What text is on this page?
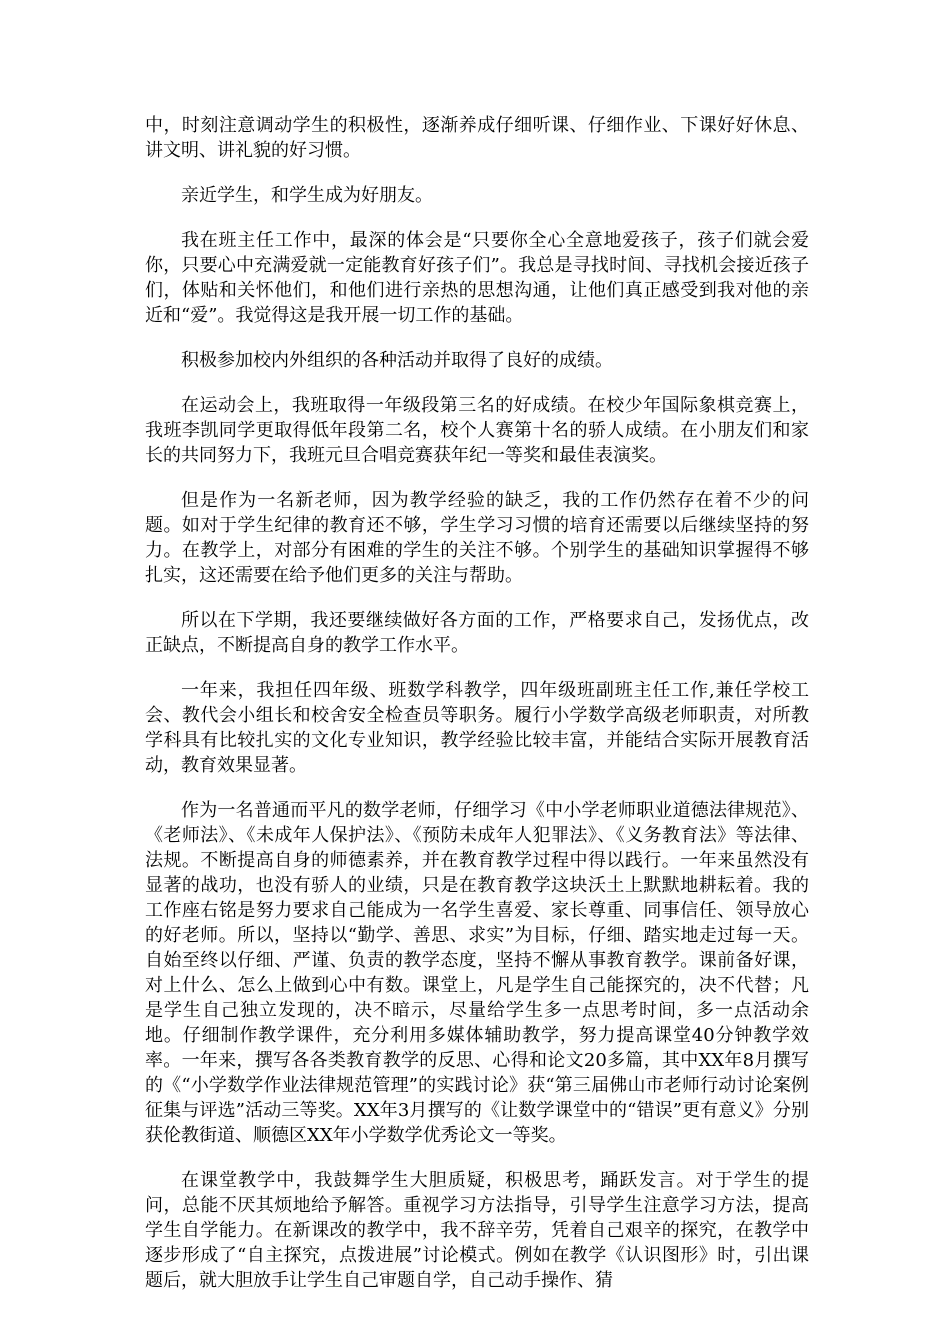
中，时刻注意调动学生的积极性，逐渐养成仔细听课、仔细作业、下课好好休息、讲文明、讲礼貌的好习惯。

亲近学生，和学生成为好朋友。

我在班主任工作中，最深的体会是“只要你全心全意地爱孩子，孩子们就会爱你，只要心中充满爱就一定能教育好孩子们”。我总是寻找时间、寻找机会接近孩子们，体贴和关怀他们，和他们进行亲热的思想沟通，让他们真正感受到我对他的亲近和“爱”。我觉得这是我开展一切工作的基础。

积极参加校内外组织的各种活动并取得了良好的成绩。

在运动会上，我班取得一年级段第三名的好成绩。在校少年国际象棋竞赛上，我班李凯同学更取得低年段第二名，校个人赛第十名的骄人成绩。在小朋友们和家长的共同努力下，我班元旦合唱竞赛获年纪一等奖和最佳表演奖。

但是作为一名新老师，因为教学经验的缺乏，我的工作仍然存在着不少的问题。如对于学生纪律的教育还不够，学生学习习惯的培育还需要以后继续坚持的努力。在教学上，对部分有困难的学生的关注不够。个别学生的基础知识掌握得不够扎实，这还需要在给予他们更多的关注与帮助。

所以在下学期，我还要继续做好各方面的工作，严格要求自己，发扬优点，改正缺点，不断提高自身的教学工作水平。

一年来，我担任四年级、班数学科教学，四年级班副班主任工作,兼任学校工会、教代会小组长和校舍安全检查员等职务。履行小学数学高级老师职责，对所教学科具有比较扎实的文化专业知识，教学经验比较丰富，并能结合实际开展教育活动，教育效果显著。

作为一名普通而平凡的数学老师，仔细学习《中小学老师职业道德法律规范》、《老师法》、《未成年人保护法》、《预防未成年人犯罪法》、《义务教育法》等法律、法规。不断提高自身的师德素养，并在教育教学过程中得以践行。一年来虽然没有显著的战功，也没有骄人的业绩，只是在教育教学这块沃土上默默地耕耘着。我的工作座右铭是努力要求自己能成为一名学生喜爱、家长尊重、同事信任、领导放心的好老师。所以，坚持以“勤学、善思、求实”为目标，仔细、踏实地走过每一天。自始至终以仔细、严谨、负责的教学态度，坚持不懈从事教育教学。课前备好课，对上什么、怎么上做到心中有数。课堂上，凡是学生自己能探究的，决不代替；凡是学生自己独立发现的，决不暗示，尽量给学生多一点思考时间，多一点活动余地。仔细制作教学课件，充分利用多媒体辅助教学，努力提高课堂40分钟教学效率。一年来，撰写各各类教育教学的反思、心得和论文20多篇，其中XX年8月撰写的《“小学数学作业法律规范管理”的实践讨论》获“第三届佛山市老师行动讨论案例征集与评选”活动三等奖。XX年3月撰写的《让数学课堂中的“错误”更有意义》分别获伦教街道、顺德区XX年小学数学优秀论文一等奖。

在课堂教学中，我鼓舞学生大胆质疑，积极思考，踊跃发言。对于学生的提问，总能不厌其烦地给予解答。重视学习方法指导，引导学生注意学习方法，提高学生自学能力。在新课改的教学中，我不辞辛劳，凭着自己艰辛的探究，在教学中逐步形成了“自主探究，点拨进展”讨论模式。例如在教学《认识图形》时，引出课题后，就大胆放手让学生自己审题自学，自己动手操作、猜
